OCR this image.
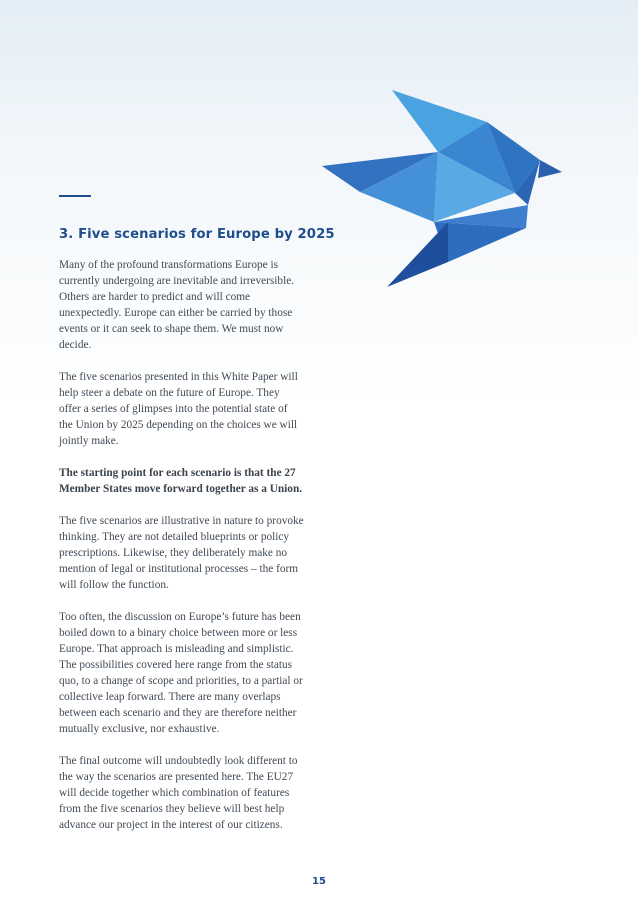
3. Five scenarios for Europe by 2025

Many of the profound transformations Europe is currently undergoing are inevitable and irreversible. Others are harder to predict and will come unexpectedly. Europe can either be carried by those events or it can seek to shape them. We must now decide.

The five scenarios presented in this White Paper will help steer a debate on the future of Europe. They offer a series of glimpses into the potential state of the Union by 2025 depending on the choices we will jointly make.

The starting point for each scenario is that the 27 Member States move forward together as a Union.

The five scenarios are illustrative in nature to provoke thinking. They are not detailed blueprints or policy prescriptions. Likewise, they deliberately make no mention of legal or institutional processes – the form will follow the function.

Too often, the discussion on Europe’s future has been boiled down to a binary choice between more or less Europe. That approach is misleading and simplistic. The possibilities covered here range from the status quo, to a change of scope and priorities, to a partial or collective leap forward. There are many overlaps between each scenario and they are therefore neither mutually exclusive, nor exhaustive.

The final outcome will undoubtedly look different to the way the scenarios are presented here. The EU27 will decide together which combination of features from the five scenarios they believe will best help advance our project in the interest of our citizens.

15
